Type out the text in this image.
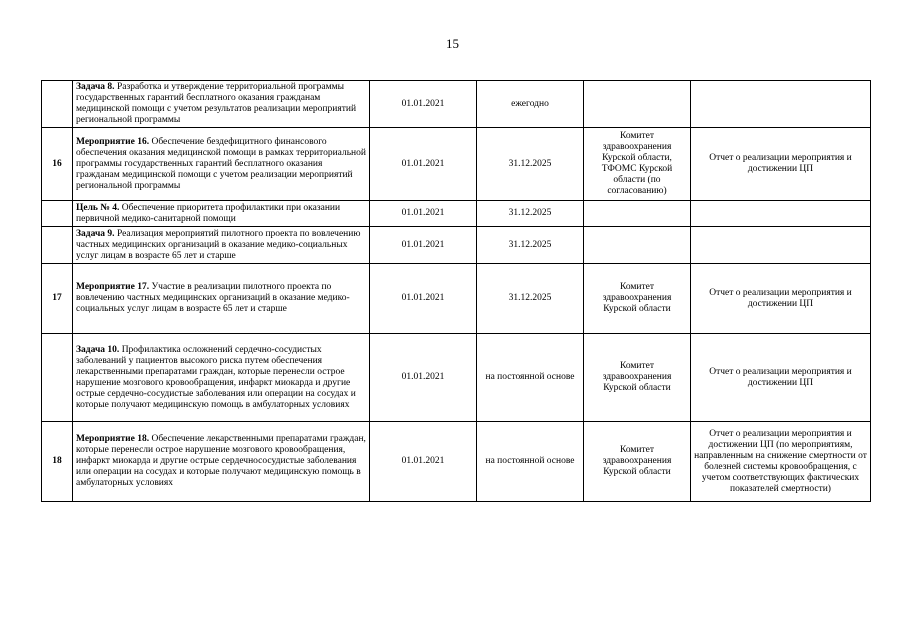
15
	Задача 8. Разработка и утверждение территориальной программы государственных гарантий бесплатного оказания гражданам медицинской помощи с учетом результатов реализации мероприятий региональной программы	01.01.2021	ежегодно		
16	Мероприятие 16. Обеспечение бездефицитного финансового обеспечения оказания медицинской помощи в рамках территориальной программы государственных гарантий бесплатного оказания гражданам медицинской помощи с учетом реализации мероприятий региональной программы	01.01.2021	31.12.2025	Комитет здравоохранения Курской области, ТФОМС Курской области (по согласованию)	Отчет о реализации мероприятия и достижении ЦП
	Цель № 4. Обеспечение приоритета профилактики при оказании первичной медико-санитарной помощи	01.01.2021	31.12.2025		
	Задача 9. Реализация мероприятий пилотного проекта по вовлечению частных медицинских организаций в оказание медико-социальных услуг лицам в возрасте 65 лет и старше	01.01.2021	31.12.2025		
17	Мероприятие 17. Участие в реализации пилотного проекта по вовлечению частных медицинских организаций в оказание медико-социальных услуг лицам в возрасте 65 лет и старше	01.01.2021	31.12.2025	Комитет здравоохранения Курской области	Отчет о реализации мероприятия и достижении ЦП
	Задача 10. Профилактика осложнений сердечно-сосудистых заболеваний у пациентов высокого риска путем обеспечения лекарственными препаратами граждан, которые перенесли острое нарушение мозгового кровообращения, инфаркт миокарда и другие острые сердечно-сосудистые заболевания или операции на сосудах и которые получают медицинскую помощь в амбулаторных условиях	01.01.2021	на постоянной основе	Комитет здравоохранения Курской области	Отчет о реализации мероприятия и достижении ЦП
18	Мероприятие 18. Обеспечение лекарственными препаратами граждан, которые перенесли острое нарушение мозгового кровообращения, инфаркт миокарда и другие острые сердечнососудистые заболевания или операции на сосудах и которые получают медицинскую помощь в амбулаторных условиях	01.01.2021	на постоянной основе	Комитет здравоохранения Курской области	Отчет о реализации мероприятия и достижении ЦП (по мероприятиям, направленным на снижение смертности от болезней системы кровообращения, с учетом соответствующих фактических показателей смертности)
